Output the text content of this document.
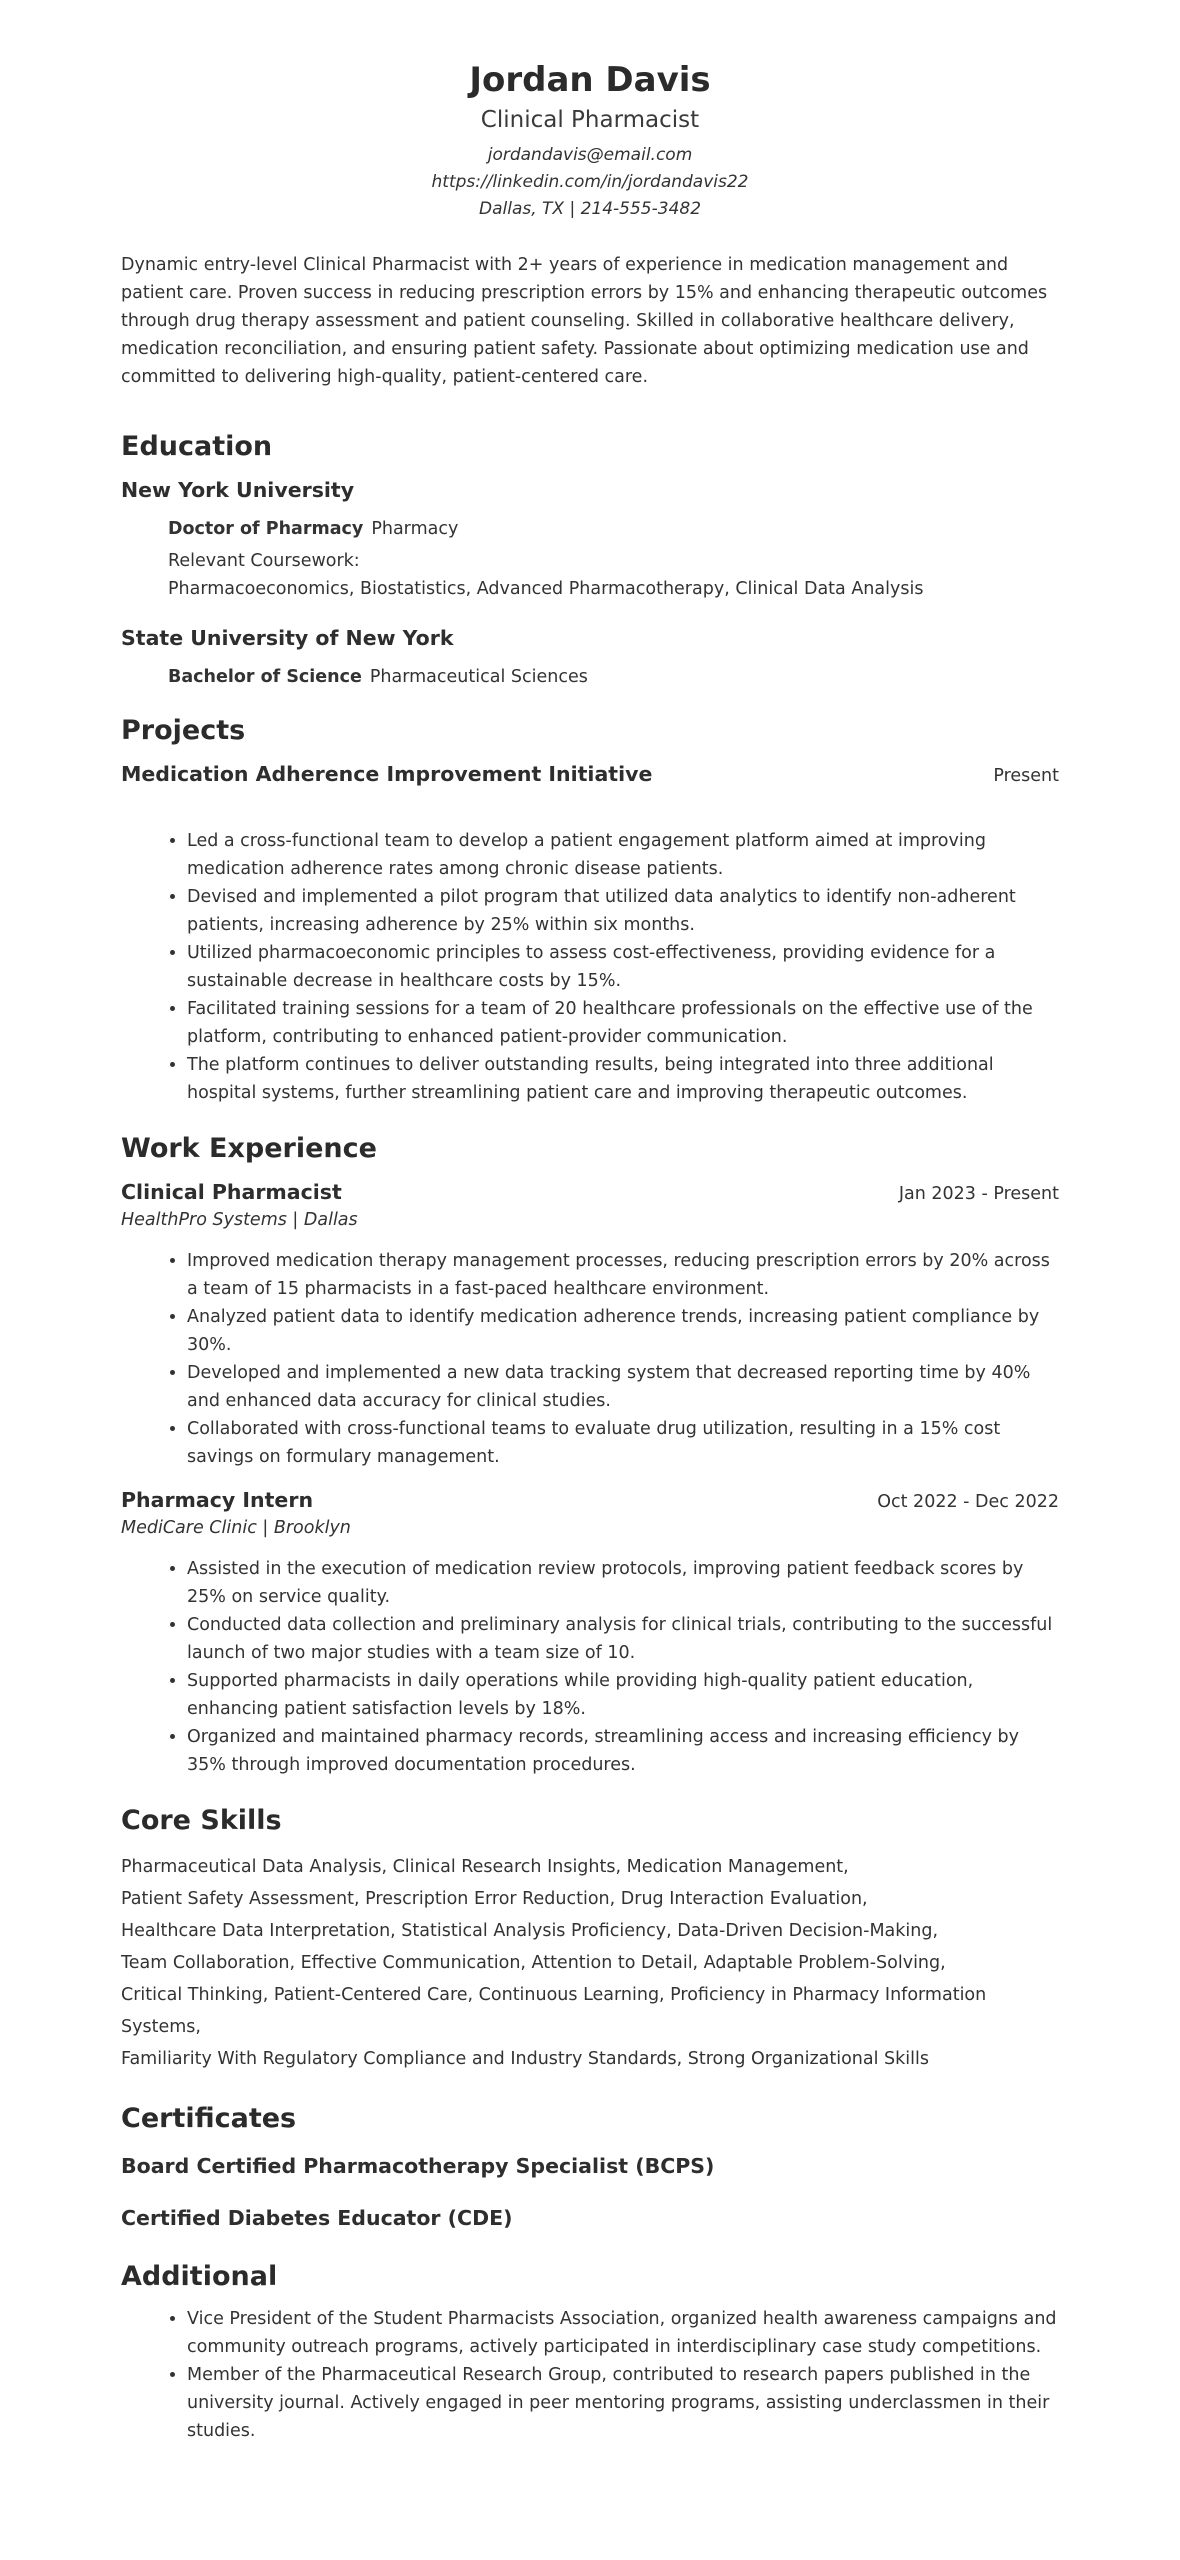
Jordan Davis
Clinical Pharmacist
jordandavis@email.com
https://linkedin.com/in/jordandavis22
Dallas, TX | 214-555-3482
Dynamic entry-level Clinical Pharmacist with 2+ years of experience in medication management and patient care. Proven success in reducing prescription errors by 15% and enhancing therapeutic outcomes through drug therapy assessment and patient counseling. Skilled in collaborative healthcare delivery, medication reconciliation, and ensuring patient safety. Passionate about optimizing medication use and committed to delivering high-quality, patient-centered care.
Education
New York University
Doctor of Pharmacy Pharmacy
Relevant Coursework:
Pharmacoeconomics, Biostatistics, Advanced Pharmacotherapy, Clinical Data Analysis
State University of New York
Bachelor of Science Pharmaceutical Sciences
Projects
Medication Adherence Improvement Initiative	Present
• Led a cross-functional team to develop a patient engagement platform aimed at improving medication adherence rates among chronic disease patients.
• Devised and implemented a pilot program that utilized data analytics to identify non-adherent patients, increasing adherence by 25% within six months.
• Utilized pharmacoeconomic principles to assess cost-effectiveness, providing evidence for a sustainable decrease in healthcare costs by 15%.
• Facilitated training sessions for a team of 20 healthcare professionals on the effective use of the platform, contributing to enhanced patient-provider communication.
• The platform continues to deliver outstanding results, being integrated into three additional hospital systems, further streamlining patient care and improving therapeutic outcomes.
Work Experience
Clinical Pharmacist	Jan 2023 - Present
HealthPro Systems | Dallas
• Improved medication therapy management processes, reducing prescription errors by 20% across a team of 15 pharmacists in a fast-paced healthcare environment.
• Analyzed patient data to identify medication adherence trends, increasing patient compliance by 30%.
• Developed and implemented a new data tracking system that decreased reporting time by 40% and enhanced data accuracy for clinical studies.
• Collaborated with cross-functional teams to evaluate drug utilization, resulting in a 15% cost savings on formulary management.
Pharmacy Intern	Oct 2022 - Dec 2022
MediCare Clinic | Brooklyn
• Assisted in the execution of medication review protocols, improving patient feedback scores by 25% on service quality.
• Conducted data collection and preliminary analysis for clinical trials, contributing to the successful launch of two major studies with a team size of 10.
• Supported pharmacists in daily operations while providing high-quality patient education, enhancing patient satisfaction levels by 18%.
• Organized and maintained pharmacy records, streamlining access and increasing efficiency by 35% through improved documentation procedures.
Core Skills
Pharmaceutical Data Analysis, Clinical Research Insights, Medication Management,
Patient Safety Assessment, Prescription Error Reduction, Drug Interaction Evaluation,
Healthcare Data Interpretation, Statistical Analysis Proficiency, Data-Driven Decision-Making,
Team Collaboration, Effective Communication, Attention to Detail, Adaptable Problem-Solving,
Critical Thinking, Patient-Centered Care, Continuous Learning, Proficiency in Pharmacy Information Systems,
Familiarity With Regulatory Compliance and Industry Standards, Strong Organizational Skills
Certificates
Board Certified Pharmacotherapy Specialist (BCPS)
Certified Diabetes Educator (CDE)
Additional
• Vice President of the Student Pharmacists Association, organized health awareness campaigns and community outreach programs, actively participated in interdisciplinary case study competitions.
• Member of the Pharmaceutical Research Group, contributed to research papers published in the university journal. Actively engaged in peer mentoring programs, assisting underclassmen in their studies.
